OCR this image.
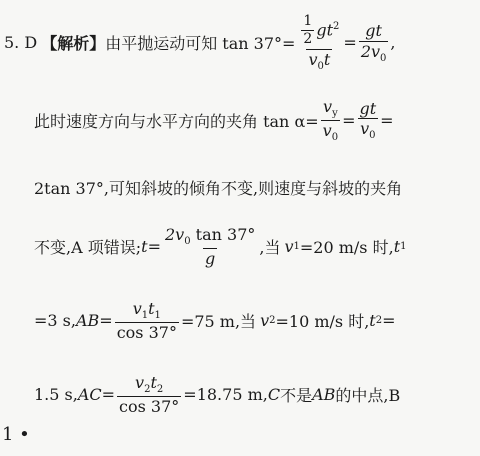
5. D 【解析】 由平抛运动可知 $\tan 37^\circ= \frac{\frac{1}{2} gt^2}{v_0t} = \frac{gt}{2v_0}$ ,
此时速度方向与水平方向的夹角 $\tan \alpha= \frac{v_y}{v_0} = \frac{gt}{v_0}$ =
2tan 37°,可知斜坡的倾角不变,则速度与斜坡的夹角
不变,A 项错误; $t = \frac{2v_0 \tan 37^\circ}{g}$ ,当 v 1 =20 m/s 时, t 1
=3 s, AB = $\frac{v_1t_1}{\cos 37^\circ} =75$ m,当 v 2 =10 m/s 时, t 2 =
1.5 s, AC = $\frac{v_2t_2}{\cos 37^\circ} =18.75$ m, C 不是 AB 的中点,B
1 •
